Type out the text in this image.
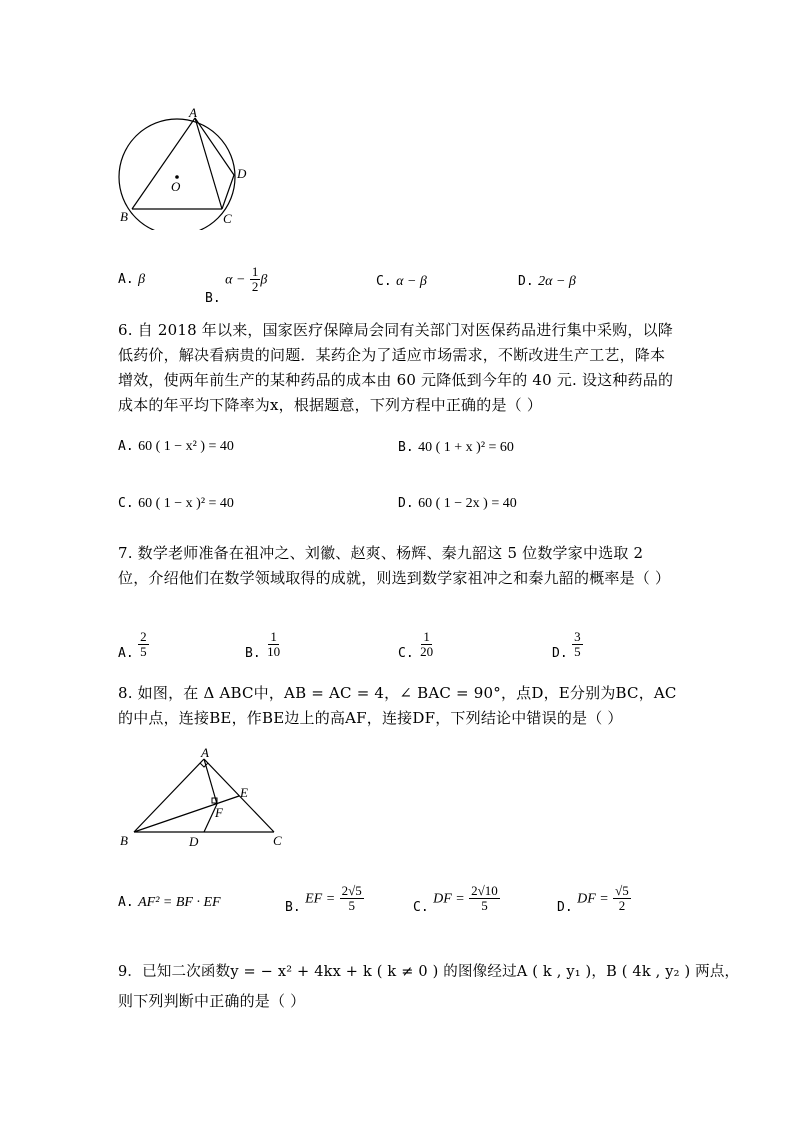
A
O
D
B	C
A. β
B. $\alpha - \frac{1}{2}$ β	C. α − β	D. 2α − β
6. 自 2018 年以来，国家医疗保障局会同有关部门对医保药品进行集中采购，以降低药价，解决看病贵的问题．某药企为了适应市场需求，不断改进生产工艺，降本增效，使两年前生产的某种药品的成本由 60 元降低到今年的 40 元. 设这种药品的成本的年平均下降率为x，根据题意，下列方程中正确的是（ ）
A. 60 ( 1 − x² ) = 40	B. 40 ( 1 + x )² = 60
C. 60 ( 1 − x )² = 40	D. 60 ( 1 − 2x ) = 40
7. 数学老师准备在祖冲之、刘徽、赵爽、杨辉、秦九韶这 5 位数学家中选取 2 位，介绍他们在数学领域取得的成就，则选到数学家祖冲之和秦九韶的概率是（ ）
A. $\frac{2}{5}$	B. $\frac{1}{10}$	C. $\frac{1}{20}$	D. $\frac{3}{5}$
8. 如图，在 Δ ABC中，AB = AC = 4，∠ BAC = 90°，点D，E分别为BC，AC的中点，连接BE，作BE边上的高AF，连接DF，下列结论中错误的是（ ）
A
E
F
B	D	C
A. AF² = BF · EF	B. EF = $\frac{2√5}{5}$	C. DF = $\frac{2√10}{5}$	D. DF = $\frac{√5}{2}$
9．已知二次函数y = − x² + 4kx + k ( k ≠ 0 ) 的图像经过A ( k , y₁ )，B ( 4k , y₂ ) 两点，
则下列判断中正确的是（ ）
